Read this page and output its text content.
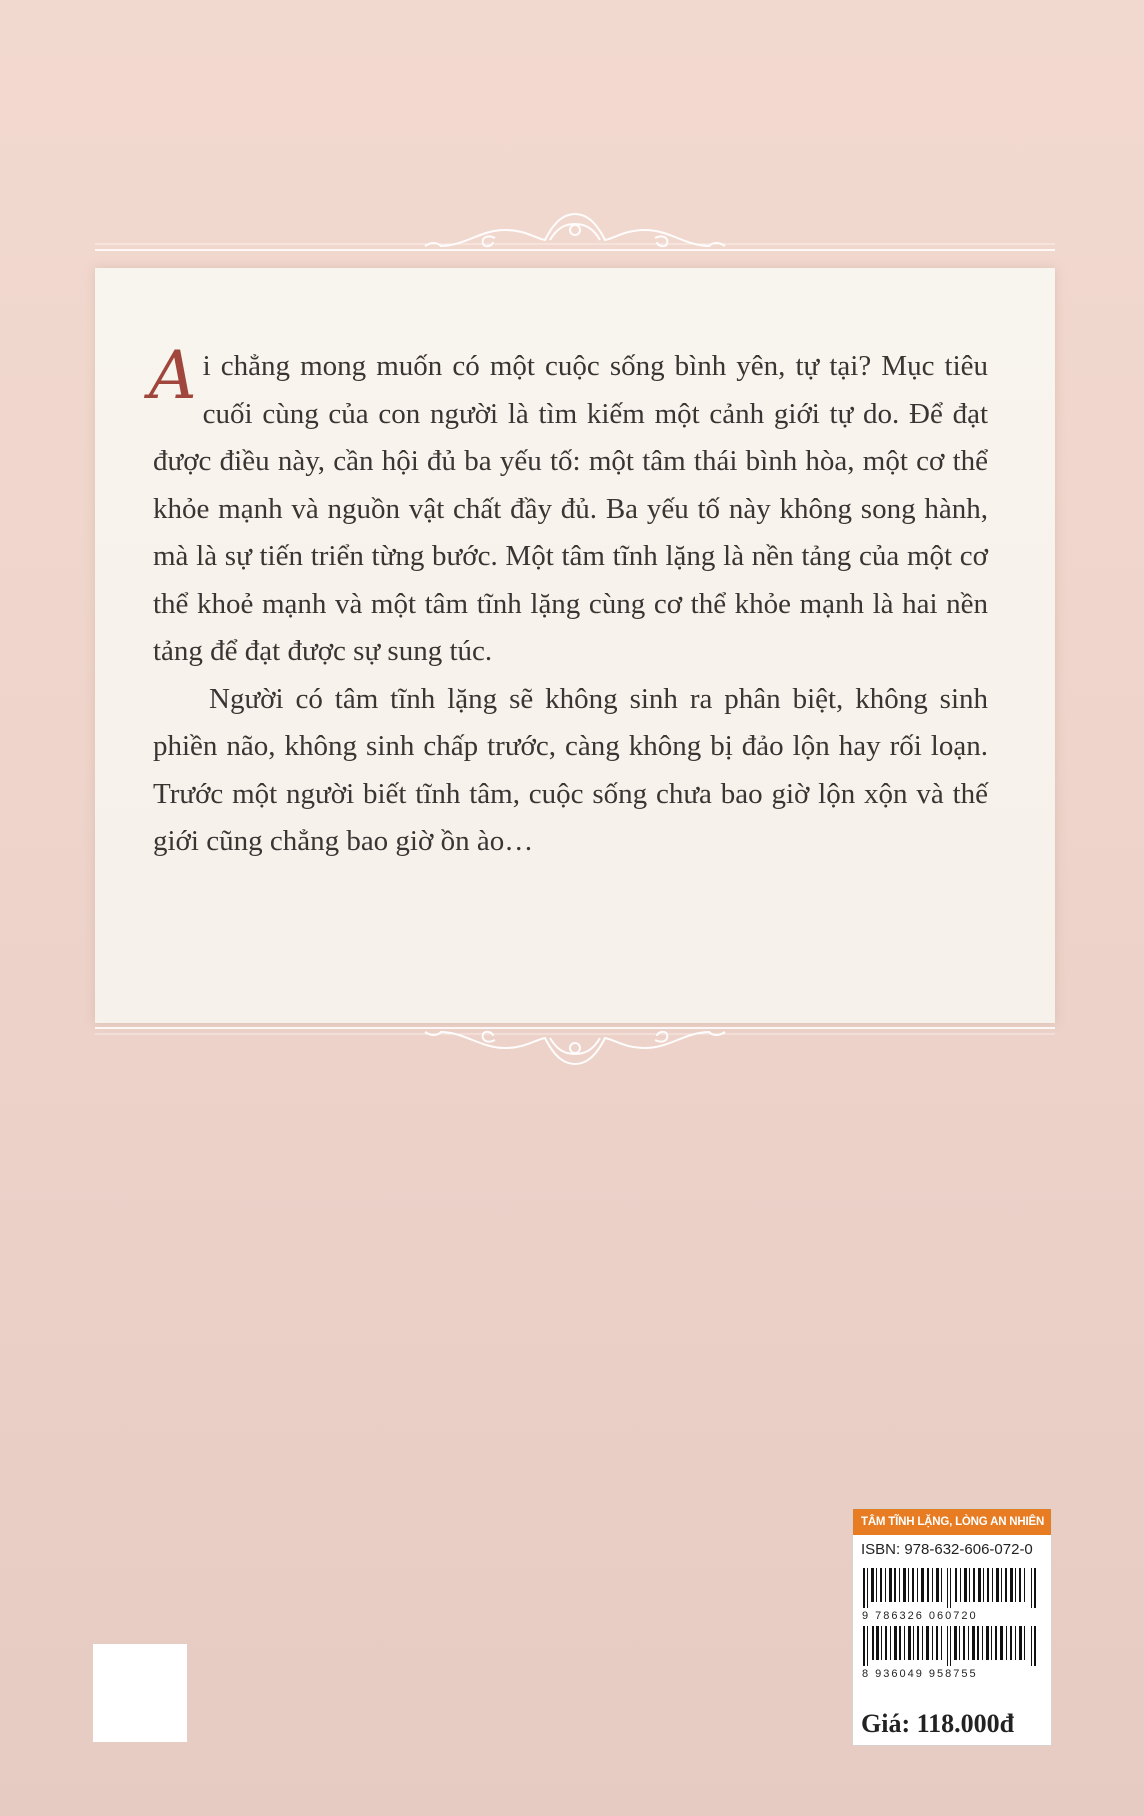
Ai chẳng mong muốn có một cuộc sống bình yên, tự tại? Mục tiêu cuối cùng của con người là tìm kiếm một cảnh giới tự do. Để đạt được điều này, cần hội đủ ba yếu tố: một tâm thái bình hòa, một cơ thể khỏe mạnh và nguồn vật chất đầy đủ. Ba yếu tố này không song hành, mà là sự tiến triển từng bước. Một tâm tĩnh lặng là nền tảng của một cơ thể khoẻ mạnh và một tâm tĩnh lặng cùng cơ thể khỏe mạnh là hai nền tảng để đạt được sự sung túc.

Người có tâm tĩnh lặng sẽ không sinh ra phân biệt, không sinh phiền não, không sinh chấp trước, càng không bị đảo lộn hay rối loạn. Trước một người biết tĩnh tâm, cuộc sống chưa bao giờ lộn xộn và thế giới cũng chẳng bao giờ ồn ào…

TÂM TĨNH LẶNG, LÒNG AN NHIÊN
ISBN: 978-632-606-072-0
9 786326 060720
8 936049 958755
Giá: 118.000đ
